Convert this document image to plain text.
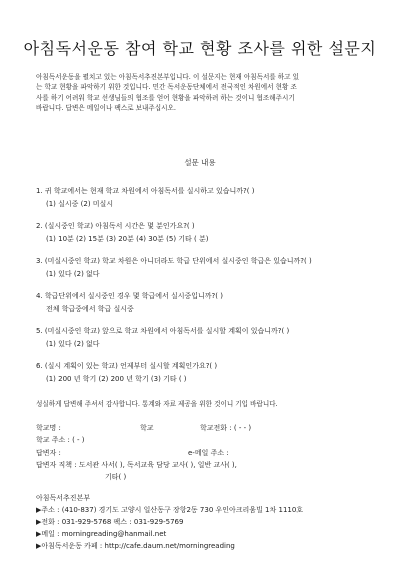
아침독서운동 참여 학교 현황 조사를 위한 설문지
아침독서운동을 펼치고 있는 아침독서추진본부입니다. 이 설문지는 현재 아침독서를 하고 있
는 학교 현황을 파악하기 위한 것입니다. 민간 독서운동단체에서 전국적인 차원에서 현황 조
사를 하기 어려워 학교 선생님들의 협조를 얻어 현황을 파악하려 하는 것이니 협조해주시기
바랍니다. 답변은 메일이나 팩스로 보내주십시오.
설문 내용
1. 귀 학교에서는 현재 학교 차원에서 아침독서를 실시하고 있습니까?( )
(1) 실시중 (2) 미실시
2. (실시중인 학교) 아침독서 시간은 몇 분인가요?( )
(1) 10분 (2) 15분 (3) 20분 (4) 30분 (5) 기타 ( 분)
3. (미실시중인 학교) 학교 차원은 아니더라도 학급 단위에서 실시중인 학급은 있습니까?( )
(1) 있다 (2) 없다
4. 학급단위에서 실시중인 경우 몇 학급에서 실시중입니까?( )
전체 학급중에서 학급 실시중
5. (미실시중인 학교) 앞으로 학교 차원에서 아침독서를 실시할 계획이 있습니까?( )
(1) 있다 (2) 없다
6. (실시 계획이 있는 학교) 언제부터 실시할 계획인가요?( )
(1) 200 년 학기 (2) 200 년 학기 (3) 기타 ( )
성실하게 답변해 주셔서 감사합니다. 통계와 자료 제공을 위한 것이니 기입 바랍니다.
학교명 :	학교	학교전화 : ( - - )
학교 주소 : ( - )
답변자 :	e-메일 주소 :
답변자 직책 : 도서관 사서( ), 독서교육 담당 교사( ), 일반 교사( ),
기타( )
아침독서추진본부
▶주소 : (410-837) 경기도 고양시 일산동구 장항2동 730 우인아크리움빌 1차 1110호
▶전화 : 031-929-5768 팩스 : 031-929-5769
▶메일 : morningreading@hanmail.net
▶아침독서운동 카페 : http://cafe.daum.net/morningreading
